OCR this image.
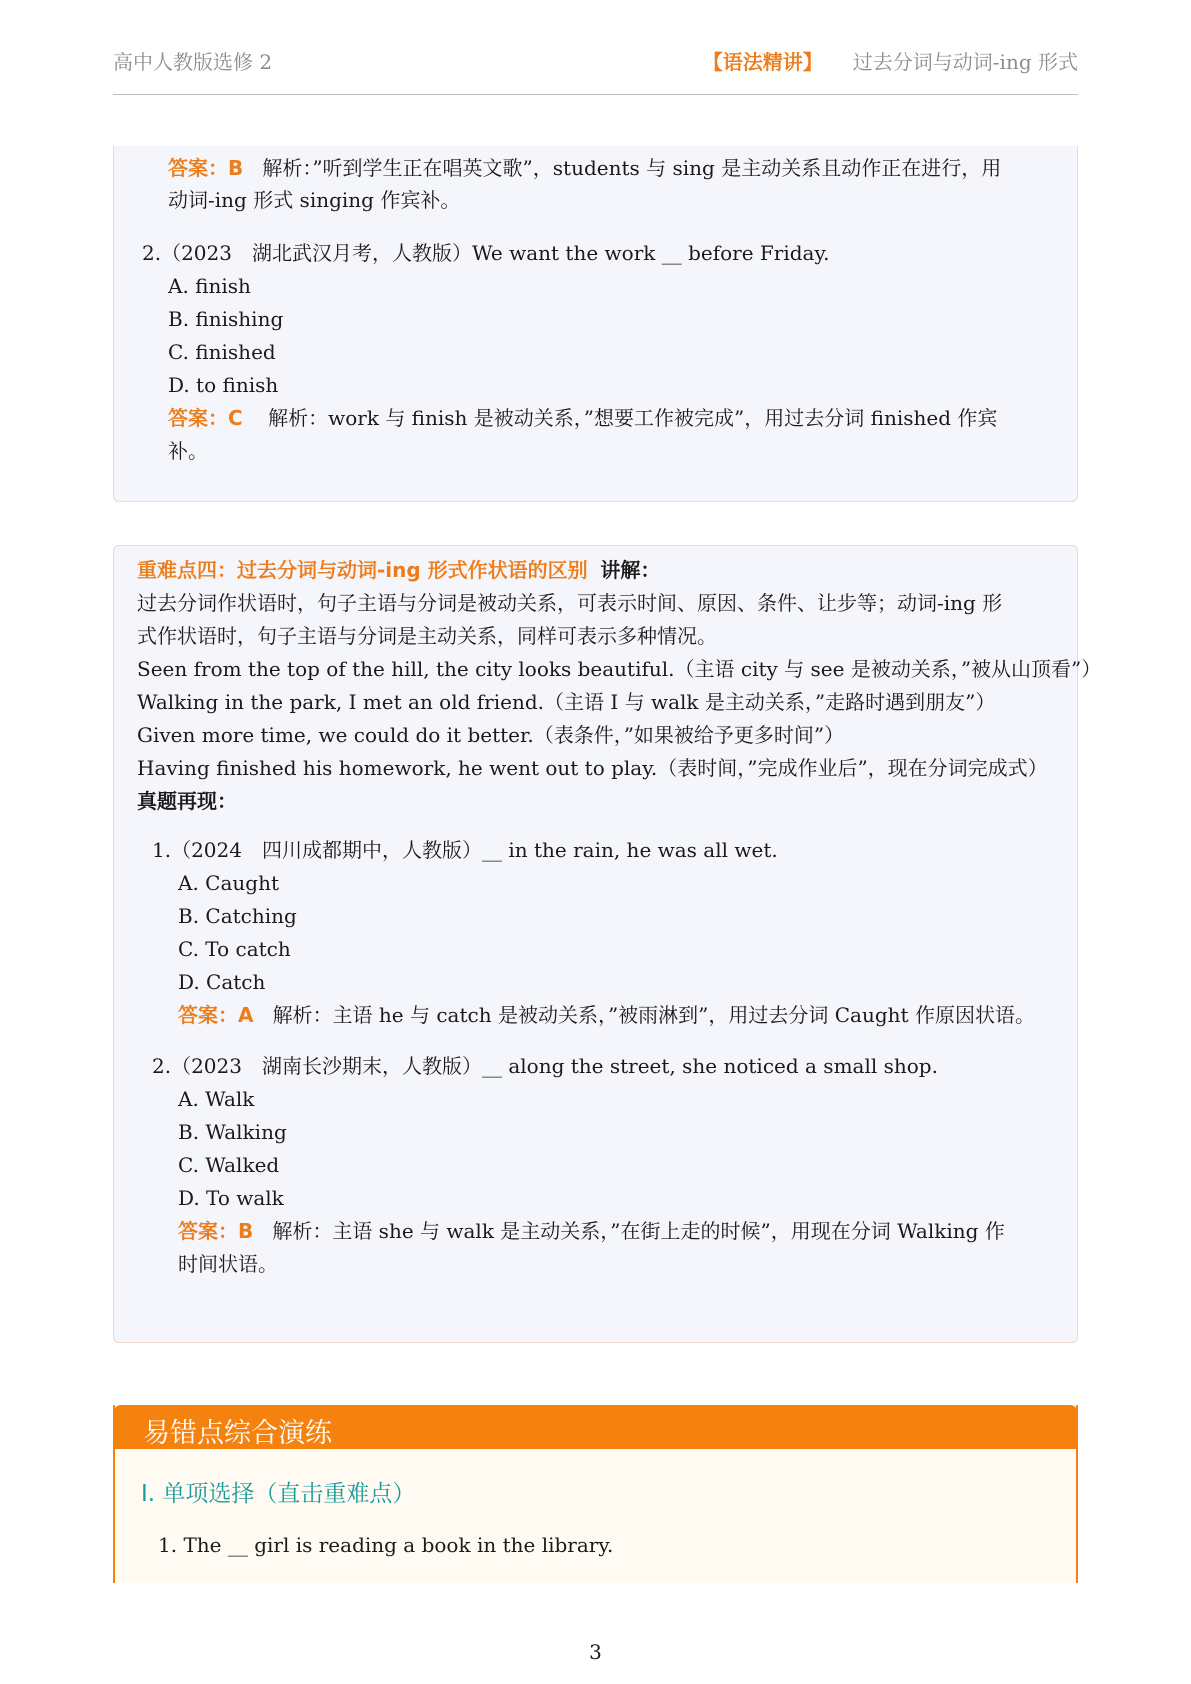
高中人教版选修 2	【语法精讲】 过去分词与动词-ing 形式
答案：B 解析：”听到学生正在唱英文歌”，students 与 sing 是主动关系且动作正在进行，用
动词-ing 形式 singing 作宾补。
2.（2023　湖北武汉月考，人教版）We want the work __ before Friday.
A. finish
B. finishing
C. finished
D. to finish
答案：C 解析：work 与 finish 是被动关系，”想要工作被完成”，用过去分词 finished 作宾
补。
重难点四：过去分词与动词-ing 形式作状语的区别 讲解：
过去分词作状语时，句子主语与分词是被动关系，可表示时间、原因、条件、让步等；动词-ing 形
式作状语时，句子主语与分词是主动关系，同样可表示多种情况。
Seen from the top of the hill, the city looks beautiful.（主语 city 与 see 是被动关系，”被从山顶看”）
Walking in the park, I met an old friend.（主语 I 与 walk 是主动关系，”走路时遇到朋友”）
Given more time, we could do it better.（表条件，”如果被给予更多时间”）
Having finished his homework, he went out to play.（表时间，”完成作业后”，现在分词完成式）
真题再现：
1.（2024　四川成都期中，人教版）__ in the rain, he was all wet.
A. Caught
B. Catching
C. To catch
D. Catch
答案：A 解析：主语 he 与 catch 是被动关系，”被雨淋到”，用过去分词 Caught 作原因状语。
2.（2023　湖南长沙期末，人教版）__ along the street, she noticed a small shop.
A. Walk
B. Walking
C. Walked
D. To walk
答案：B 解析：主语 she 与 walk 是主动关系，”在街上走的时候”，用现在分词 Walking 作
时间状语。
易错点综合演练
I. 单项选择（直击重难点）
1. The __ girl is reading a book in the library.
3
